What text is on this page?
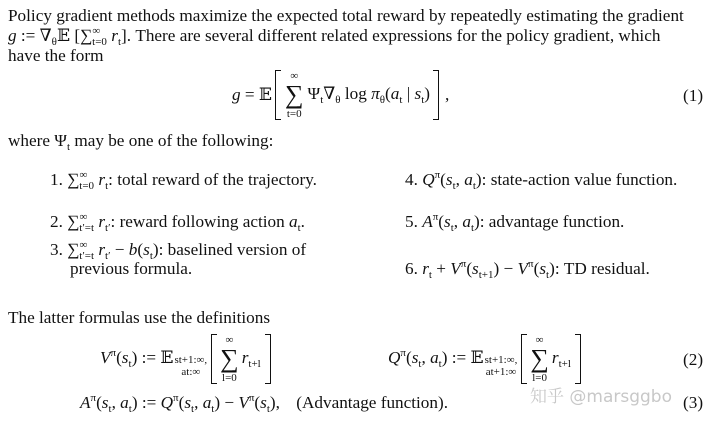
Policy gradient methods maximize the expected total reward by repeatedly estimating the gradient
g := $\nabla_\theta 𝔼$ [$\sum^\infty_{t=0}$ $r_t$]. There are several different related expressions for the policy gradient, which
have the form
g = 𝔼
∞
∑
t=0
$\Psi_t\nabla_\theta$ $\log \pi_\theta(a_t$ | $s_t$) ,	(1)
where $\Psi_t$ may be one of the following:
1. $\sum^\infty_{t=0}$ $r_t$: total reward of the trajectory.
2. $\sum^\infty_{t'=t}$ $r_{t'}$: reward following action $a_t$.
3. $\sum^\infty_{t'=t}$ $r_{t'} - b(s_t)$: baselined version of
previous formula.
4. $Q^\pi(s_t$, $a_t$): state-action value function.
5. $A^\pi(s_t$, $a_t$): advantage function.
6. $r_t + V^\pi(s_{t+1}) - V^\pi(s_t)$: TD residual.
The latter formulas use the definitions
$V^\pi(s_t)$ := 𝔼 st+1:∞,
at:∞
∞
∑
l=0
$r_{t+l}$	$Q^\pi(s_t$, $a_t$) := 𝔼 st+1:∞,
at+1:∞
∞
∑
l=0
$r_{t+l}$	(2)
$A^\pi(s_t$, $a_t$) := $Q^\pi(s_t$, $a_t) - V^\pi(s_t)$, (Advantage function).	(3)
知乎 @marsggbo
